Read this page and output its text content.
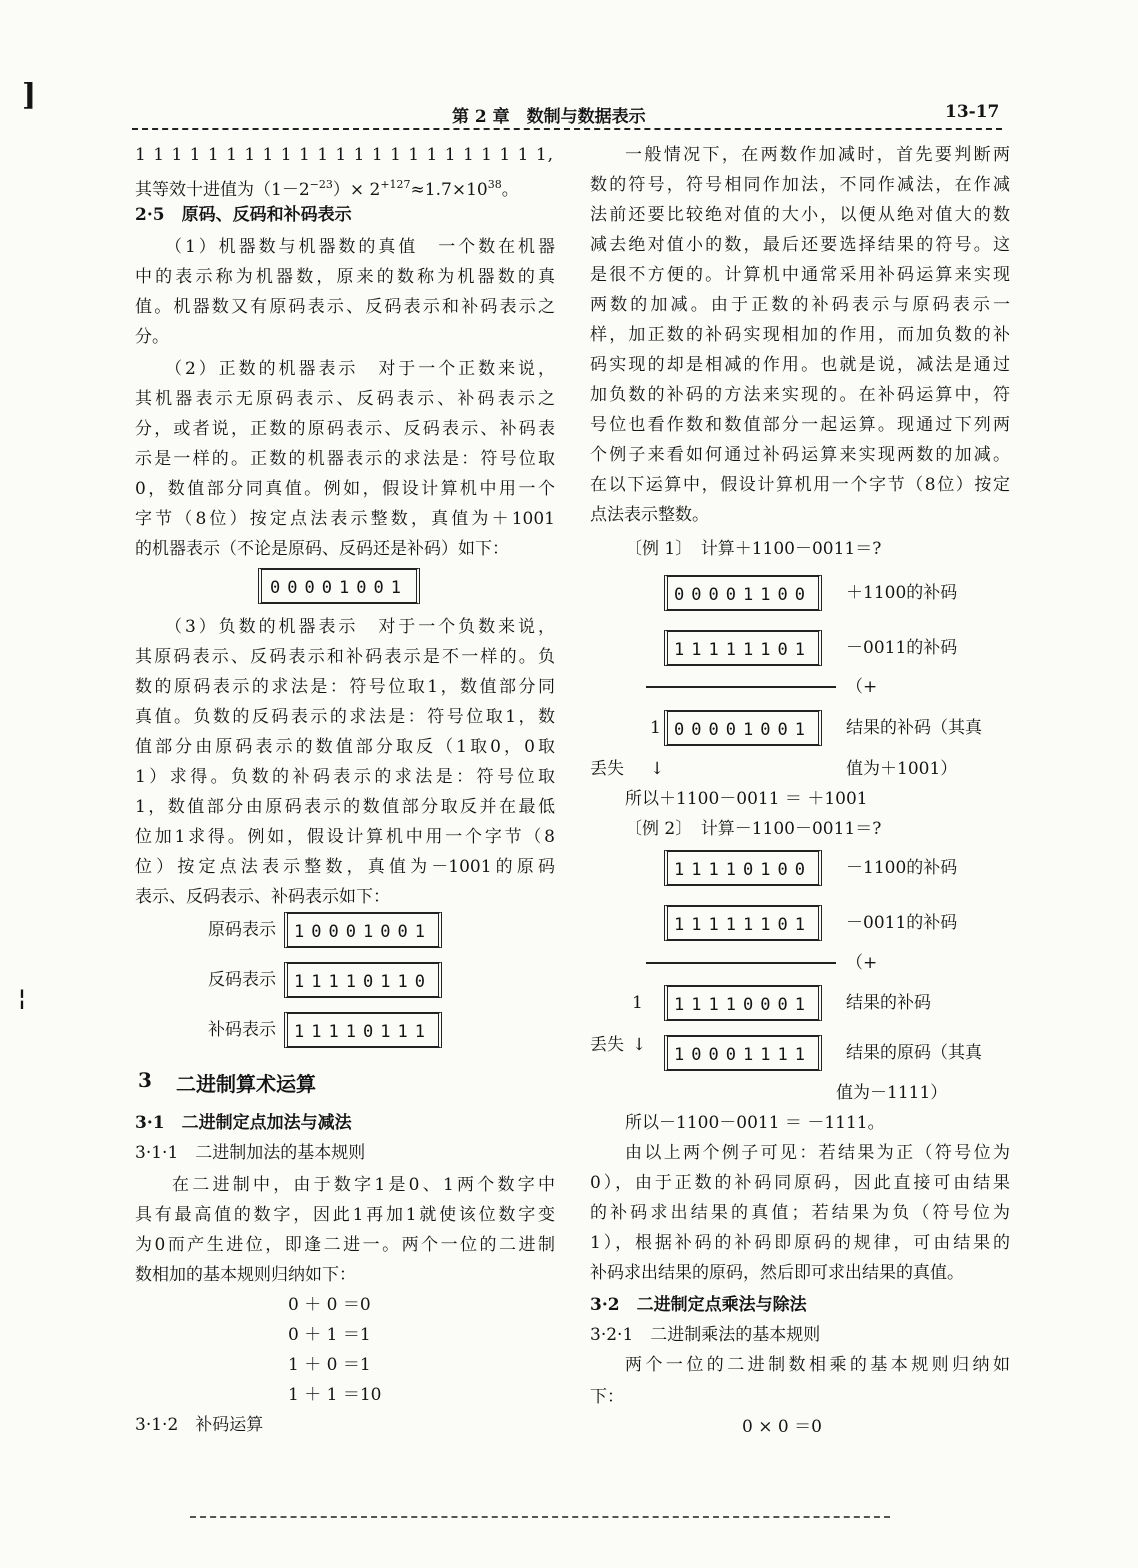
]
¦
第 2 章　数制与数据表示	13-17
1 1 1 1 1 1 1 1 1 1 1 1 1 1 1 1 1 1 1 1 1 1 1,
其等效十进值为$(1-2^{-23})\times 2^{+127}\approx 1.7\times 10^{38}$。
2·5　原码、反码和补码表示
（1）机器数与机器数的真值　一个数在机器
中的表示称为机器数，原来的数称为机器数的真
值。机器数又有原码表示、反码表示和补码表示之
分。
（2）正数的机器表示　对于一个正数来说，
其机器表示无原码表示、反码表示、补码表示之
分，或者说，正数的原码表示、反码表示、补码表
示是一样的。正数的机器表示的求法是：符号位取
0，数值部分同真值。例如，假设计算机中用一个
字节（8位）按定点法表示整数，真值为＋1001
的机器表示（不论是原码、反码还是补码）如下：
00001001
（3）负数的机器表示　对于一个负数来说，
其原码表示、反码表示和补码表示是不一样的。负
数的原码表示的求法是：符号位取1，数值部分同
真值。负数的反码表示的求法是：符号位取1，数
值部分由原码表示的数值部分取反（1取0，0取
1）求得。负数的补码表示的求法是：符号位取
1，数值部分由原码表示的数值部分取反并在最低
位加1求得。例如，假设计算机中用一个字节（8
位）按定点法表示整数，真值为－1001的原码
表示、反码表示、补码表示如下：
原码表示	10001001
反码表示	11110110
补码表示	11110111
3 二进制算术运算
3·1　二进制定点加法与减法
3·1·1　二进制加法的基本规则
在二进制中，由于数字1是0、1两个数字中
具有最高值的数字，因此1再加1就使该位数字变
为0而产生进位，即逢二进一。两个一位的二进制
数相加的基本规则归纳如下：
0 ＋ 0 ＝0
0 ＋ 1 ＝1
1 ＋ 0 ＝1
1 ＋ 1 ＝10
3·1·2　补码运算
一般情况下，在两数作加减时，首先要判断两
数的符号，符号相同作加法，不同作减法，在作减
法前还要比较绝对值的大小，以便从绝对值大的数
减去绝对值小的数，最后还要选择结果的符号。这
是很不方便的。计算机中通常采用补码运算来实现
两数的加减。由于正数的补码表示与原码表示一
样，加正数的补码实现相加的作用，而加负数的补
码实现的却是相减的作用。也就是说，减法是通过
加负数的补码的方法来实现的。在补码运算中，符
号位也看作数和数值部分一起运算。现通过下列两
个例子来看如何通过补码运算来实现两数的加减。
在以下运算中，假设计算机用一个字节（8位）按定
点法表示整数。
〔例 1〕　计算＋1100－0011＝?
00001100	＋1100的补码
11111101	－0011的补码
（+
1 00001001	结果的补码（其真
丢失 ↓	值为＋1001）
所以＋1100－0011 ＝ ＋1001
〔例 2〕　计算－1100－0011＝?
11110100	－1100的补码
11111101	－0011的补码
（+
1	11110001	结果的补码
丢失 ↓	10001111	结果的原码（其真
值为－1111）
所以－1100－0011 ＝ －1111。
由以上两个例子可见：若结果为正（符号位为
0），由于正数的补码同原码，因此直接可由结果
的补码求出结果的真值；若结果为负（符号位为
1），根据补码的补码即原码的规律，可由结果的
补码求出结果的原码，然后即可求出结果的真值。
3·2　二进制定点乘法与除法
3·2·1　二进制乘法的基本规则
两个一位的二进制数相乘的基本规则归纳如
下：
0 × 0 ＝0
